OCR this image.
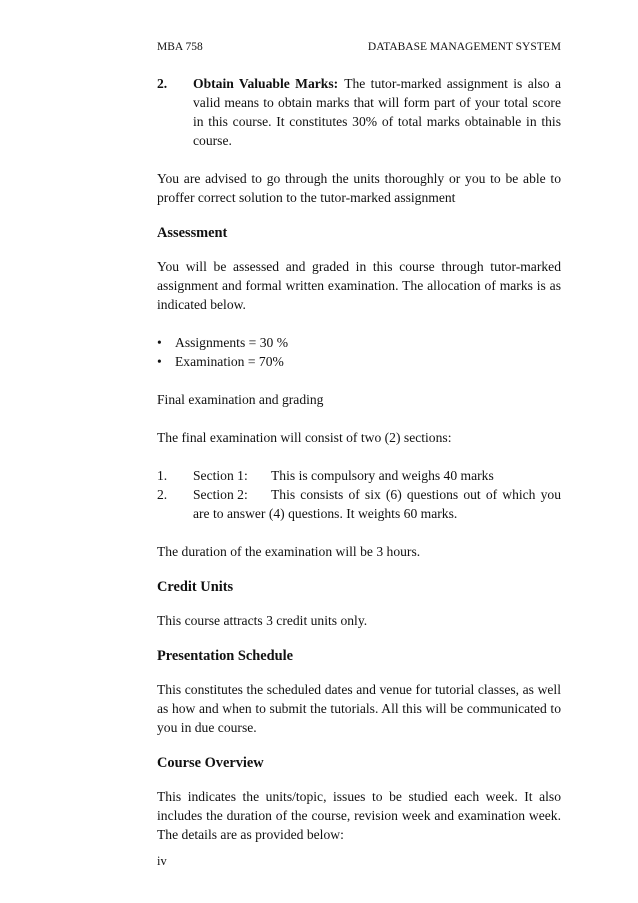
MBA 758	DATABASE MANAGEMENT SYSTEM
2. Obtain Valuable Marks: The tutor-marked assignment is also a valid means to obtain marks that will form part of your total score in this course. It constitutes 30% of total marks obtainable in this course.

You are advised to go through the units thoroughly or you to be able to proffer correct solution to the tutor-marked assignment

Assessment

You will be assessed and graded in this course through tutor-marked assignment and formal written examination. The allocation of marks is as indicated below.

• Assignments = 30 %
• Examination = 70%

Final examination and grading

The final examination will consist of two (2) sections:

1. Section 1: This is compulsory and weighs 40 marks
2. Section 2: This consists of six (6) questions out of which you are to answer (4) questions. It weights 60 marks.

The duration of the examination will be 3 hours.

Credit Units

This course attracts 3 credit units only.

Presentation Schedule

This constitutes the scheduled dates and venue for tutorial classes, as well as how and when to submit the tutorials. All this will be communicated to you in due course.

Course Overview

This indicates the units/topic, issues to be studied each week. It also includes the duration of the course, revision week and examination week. The details are as provided below:

iv
